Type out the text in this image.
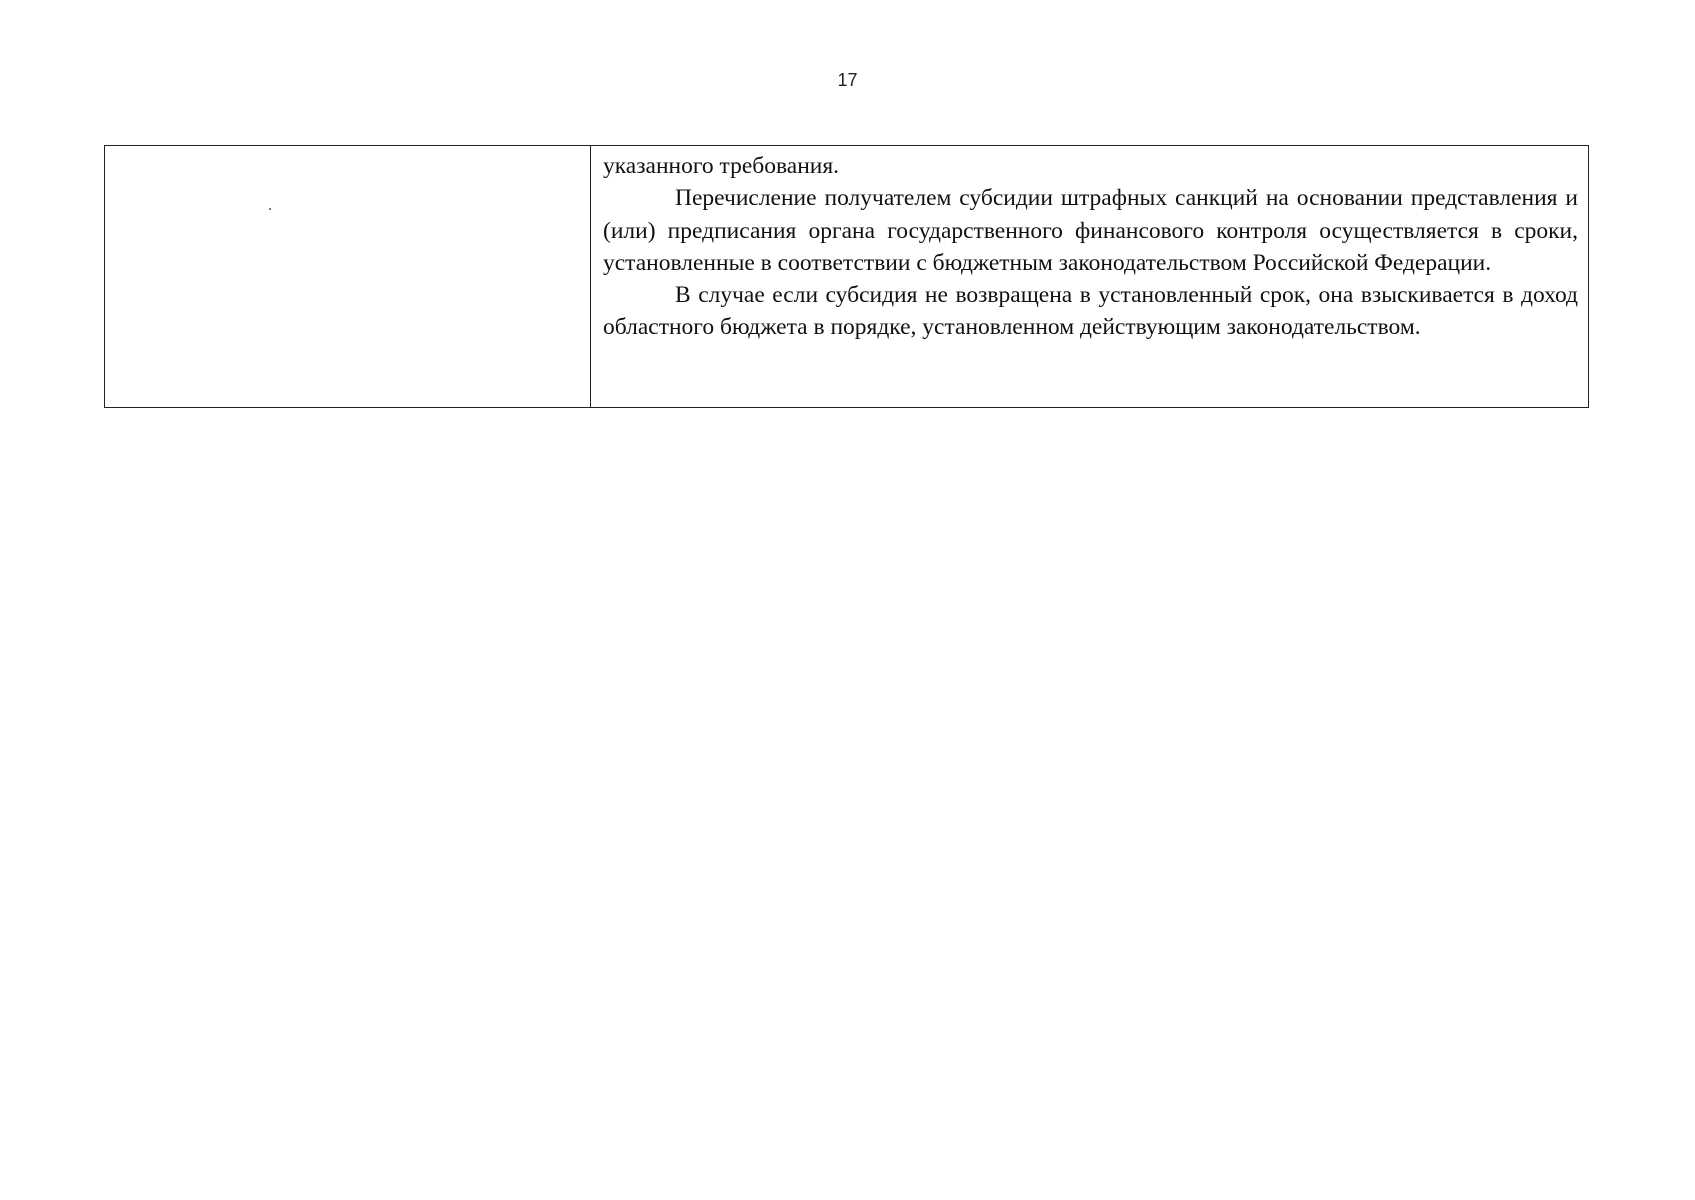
17

указанного требования.

Перечисление получателем субсидии штрафных санкций на основании представления и (или) предписания органа государственного финансового контроля осуществляется в сроки, установленные в соответствии с бюджетным законодательством Российской Федерации.

В случае если субсидия не возвращена в установленный срок, она взыскивается в доход областного бюджета в порядке, установленном действующим законодательством.
